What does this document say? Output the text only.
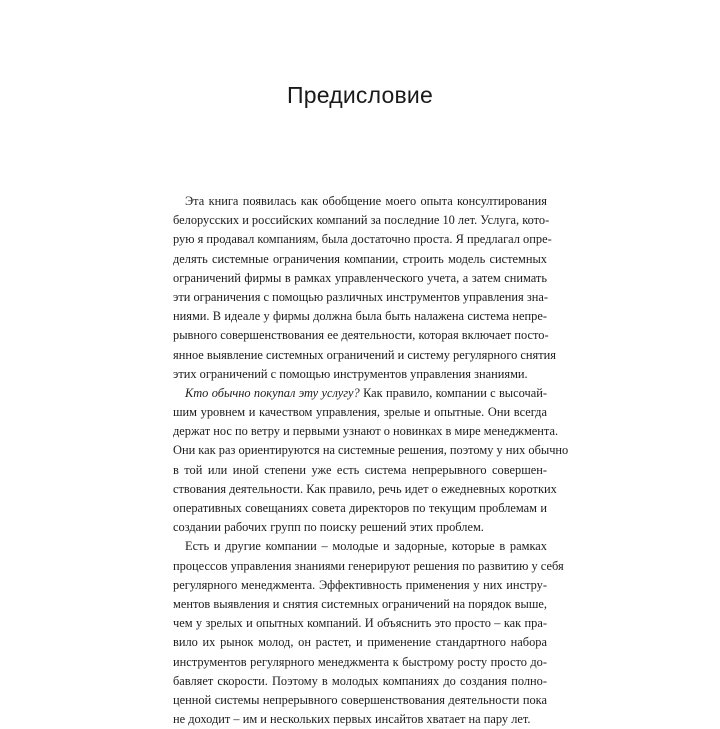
Предисловие
Эта книга появилась как обобщение моего опыта консултирования
белорусских и российских компаний за последние 10 лет. Услуга, кото-
рую я продавал компаниям, была достаточно проста. Я предлагал опре-
делять системные ограничения компании, строить модель системных
ограничений фирмы в рамках управленческого учета, а затем снимать
эти ограничения с помощью различных инструментов управления зна-
ниями. В идеале у фирмы должна была быть налажена система непре-
рывного совершенствования ее деятельности, которая включает посто-
янное выявление системных ограничений и систему регулярного снятия
этих ограничений с помощью инструментов управления знаниями.
Кто обычно покупал эту услугу? Как правило, компании с высочай-
шим уровнем и качеством управления, зрелые и опытные. Они всегда
держат нос по ветру и первыми узнают о новинках в мире менеджмента.
Они как раз ориентируются на системные решения, поэтому у них обычно
в той или иной степени уже есть система непрерывного совершен-
ствования деятельности. Как правило, речь идет о ежедневных коротких
оперативных совещаниях совета директоров по текущим проблемам и
создании рабочих групп по поиску решений этих проблем.
Есть и другие компании – молодые и задорные, которые в рамках
процессов управления знаниями генерируют решения по развитию у себя
регулярного менеджмента. Эффективность применения у них инстру-
ментов выявления и снятия системных ограничений на порядок выше,
чем у зрелых и опытных компаний. И объяснить это просто – как пра-
вило их рынок молод, он растет, и применение стандартного набора
инструментов регулярного менеджмента к быстрому росту просто до-
бавляет скорости. Поэтому в молодых компаниях до создания полно-
ценной системы непрерывного совершенствования деятельности пока
не доходит – им и нескольких первых инсайтов хватает на пару лет.
